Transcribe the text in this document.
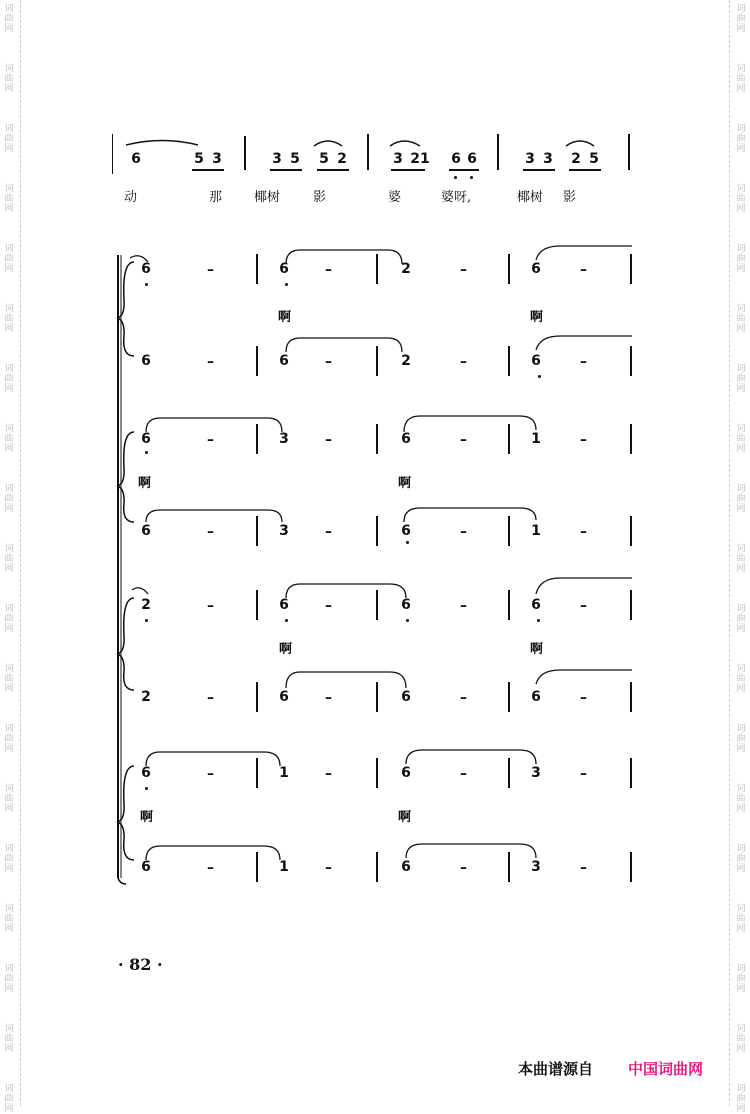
词
曲
网
词
曲
网
词
曲
网
词
曲
网
词
曲
网
词
曲
网
词
曲
网
词
曲
网
词
曲
网
词
曲
网
词
曲
网
词
曲
网
词
曲
网
词
曲
网
词
曲
网
词
曲
网
词
曲
网
词
曲
网
词
曲
网
词
曲
网
词
曲
网
词
曲
网
词
曲
网
词
曲
网
词
曲
网
词
曲
网
词
曲
网
词
曲
网
词
曲
网
词
曲
网
词
曲
网
词
曲
网
词
曲
网
词
曲
网
词
曲
网
词
曲
网
词
曲
网
词
曲
网
6	5 3	3 5 5 2	3 21 6 6	3 3 2 5
动	那 椰树	影	婆	婆呀,	椰树 影
6	–	6	–	2	–	6	–
6	–	6	–	2	–	6	–
啊	啊
6	–	3	–	6	–	1	–
6	–	3	–	6	–	1	–
啊	啊
2	–	6	–	6	–	6	–
2	–	6	–	6	–	6	–
啊	啊
6	–	1	–	6	–	3	–
6	–	1	–	6	–	3	–
啊	啊
· 82 ·
本曲谱源自 中国词曲网
